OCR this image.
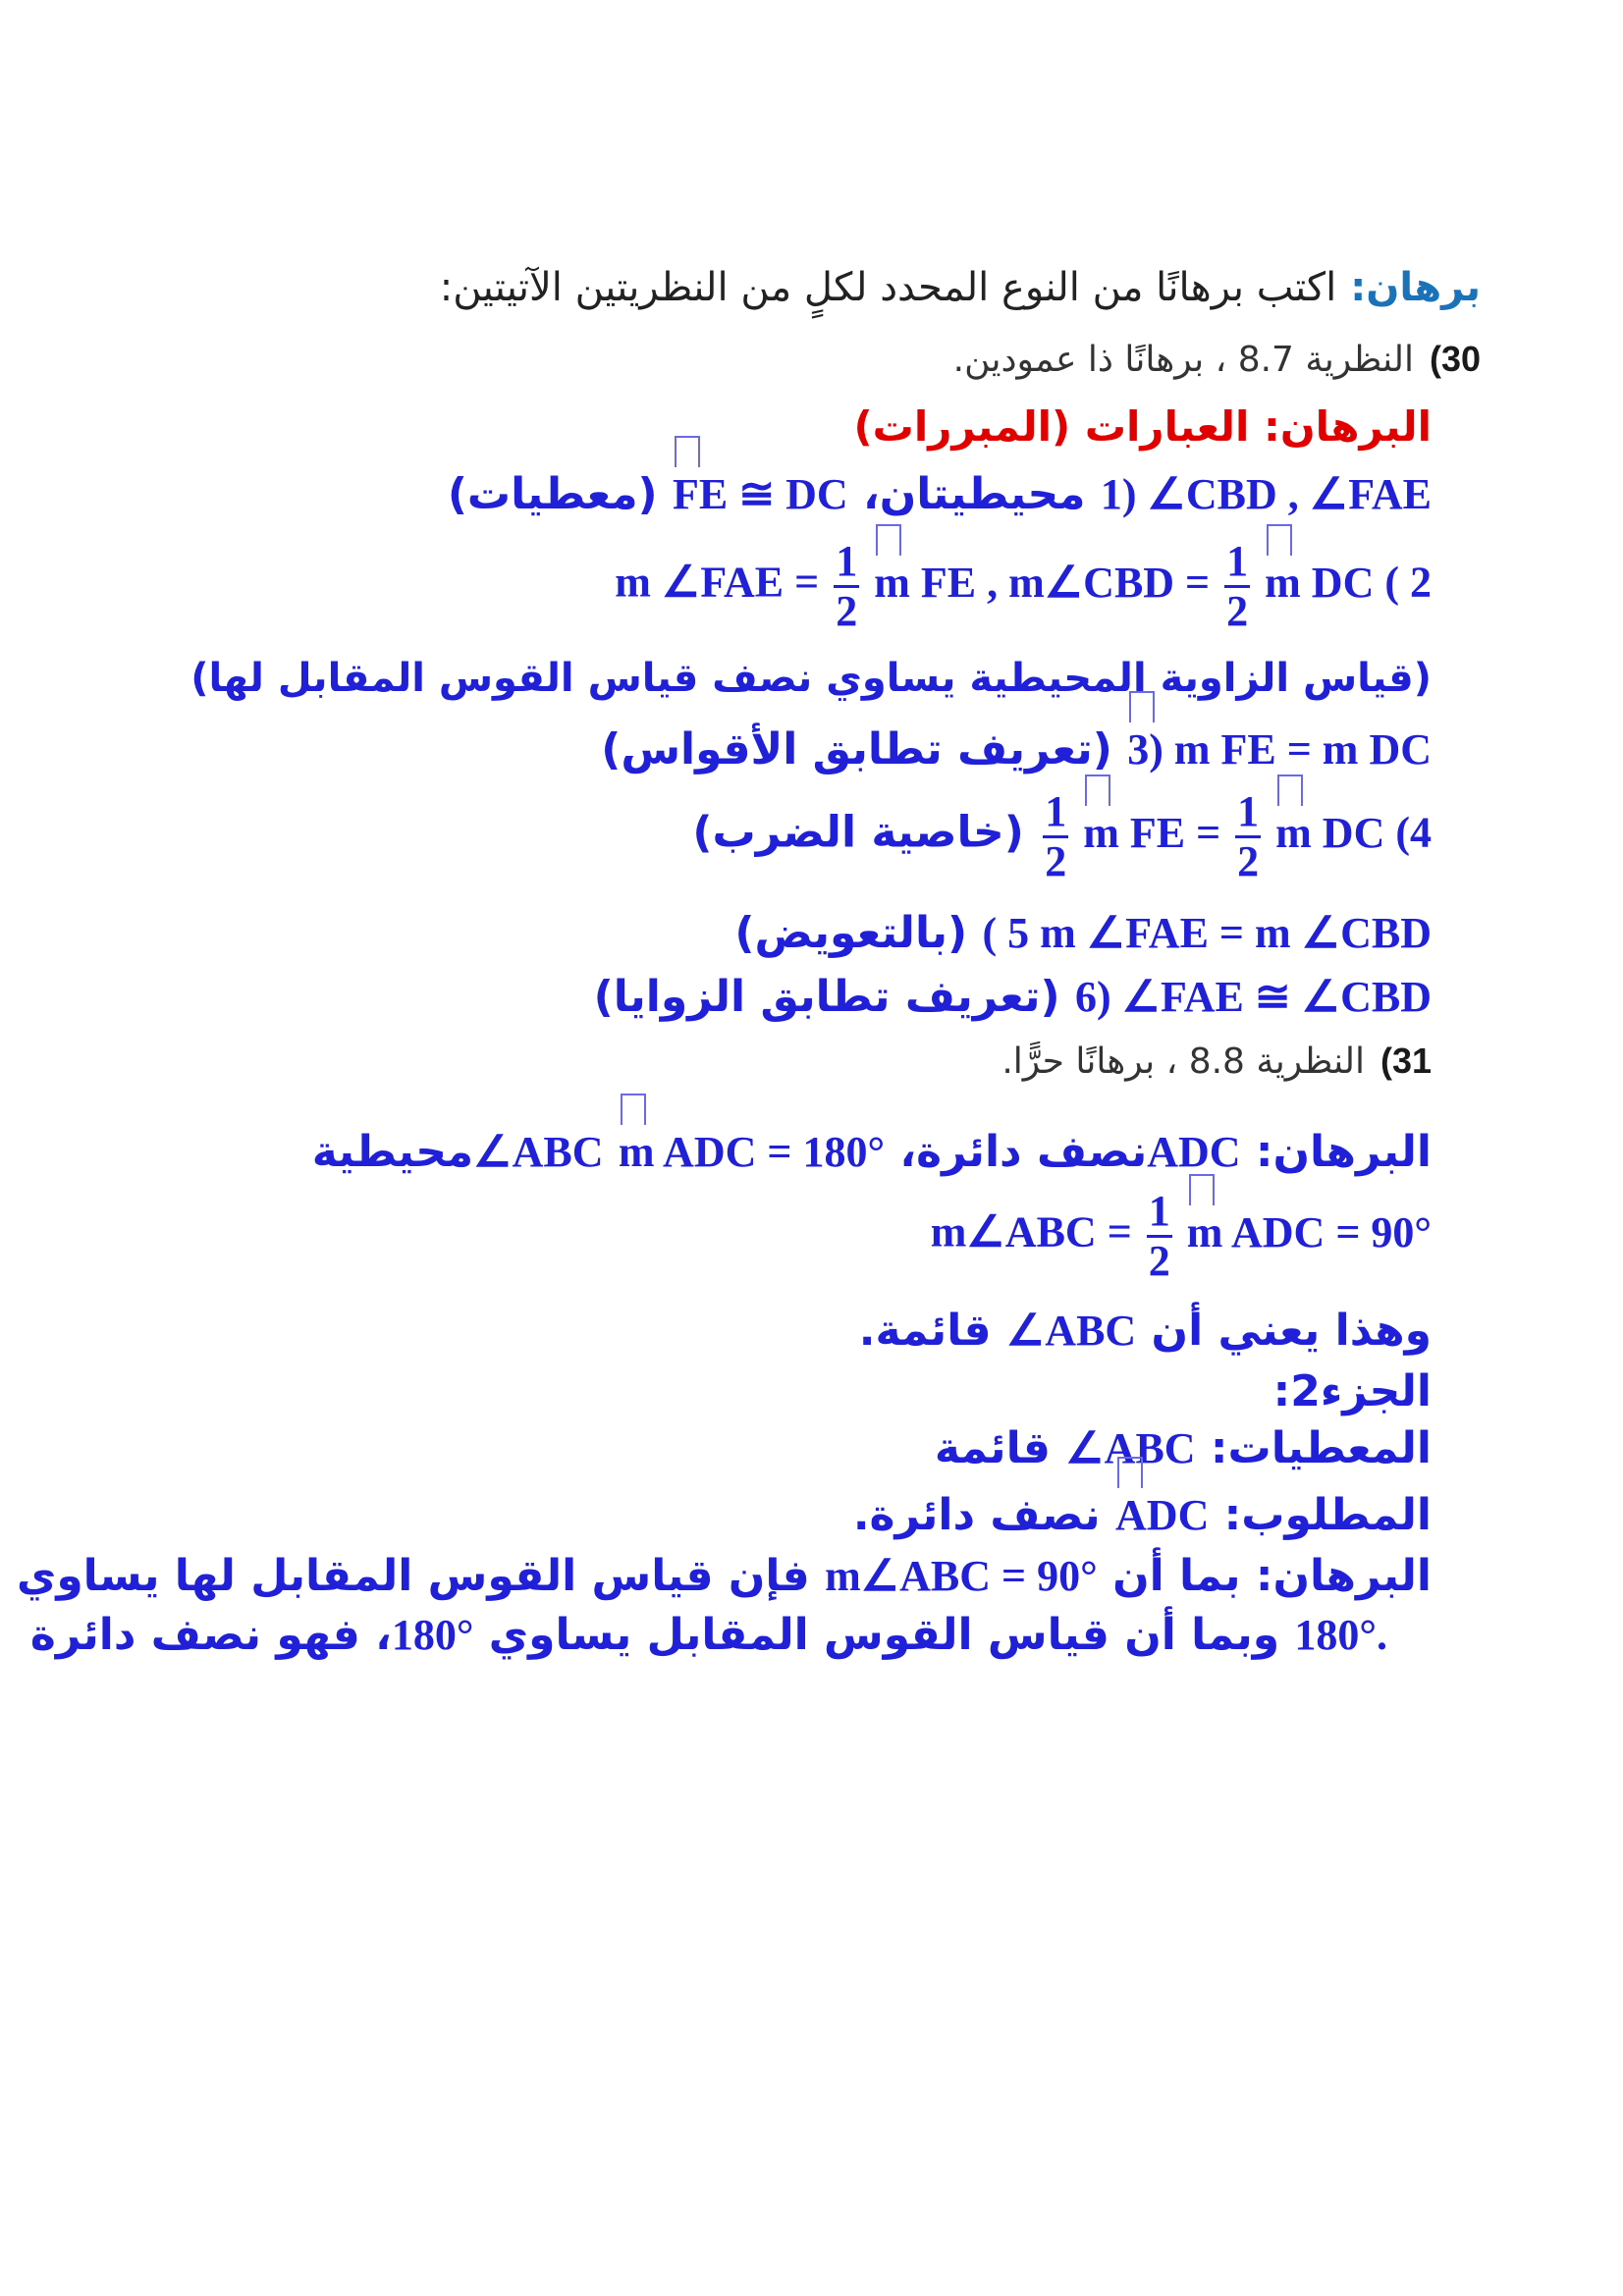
برهان:اكتب برهانًا من النوع المحدد لكلٍ من النظريتين الآتيتين:
30)النظرية 8.7 ، برهانًا ذا عمودين.
البرهان: العبارات (المبررات)
1) ∠CBD , ∠FAE محيطيتان، FE ≅ DC (معطيات)
m ∠FAE = $\frac{1}{2}$ m FE , m∠CBD = $\frac{1}{2}$ m DC ( 2
(قياس الزاوية المحيطية يساوي نصف قياس القوس المقابل لها)
3) m FE = m DC (تعريف تطابق الأقواس)
$\frac{1}{2}$ m FE = $\frac{1}{2}$ m DC (4 (خاصية الضرب)
( 5 m ∠FAE = m ∠CBD (بالتعويض)
6) ∠FAE ≅ ∠CBD (تعريف تطابق الزوايا)
31)النظرية 8.8 ، برهانًا حرًّا.
البرهان: ADCنصف دائرة، m ADC = 180° ∠ABCمحيطية
m∠ABC = $\frac{1}{2}$ m ADC = 90°
وهذا يعني أن ∠ABC قائمة.
الجزء2:
المعطيات: ∠ABC قائمة
المطلوب: ADC نصف دائرة.
البرهان: بما أن m∠ABC = 90° فإن قياس القوس المقابل لها يساوي
180°. وبما أن قياس القوس المقابل يساوي 180°، فهو نصف دائرة
